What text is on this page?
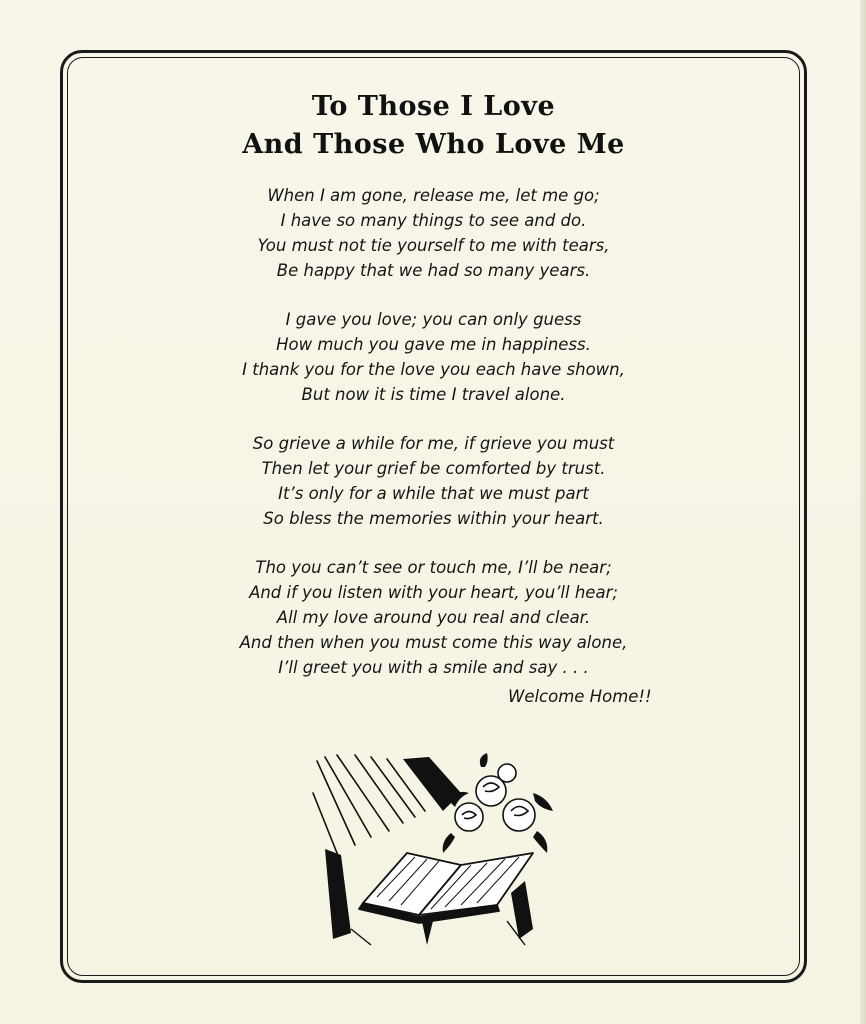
To Those I Love
And Those Who Love Me
When I am gone, release me, let me go;
I have so many things to see and do.
You must not tie yourself to me with tears,
Be happy that we had so many years.
I gave you love; you can only guess
How much you gave me in happiness.
I thank you for the love you each have shown,
But now it is time I travel alone.
So grieve a while for me, if grieve you must
Then let your grief be comforted by trust.
It’s only for a while that we must part
So bless the memories within your heart.
Tho you can’t see or touch me, I’ll be near;
And if you listen with your heart, you’ll hear;
All my love around you real and clear.
And then when you must come this way alone,
I’ll greet you with a smile and say . . .
Welcome Home!!
